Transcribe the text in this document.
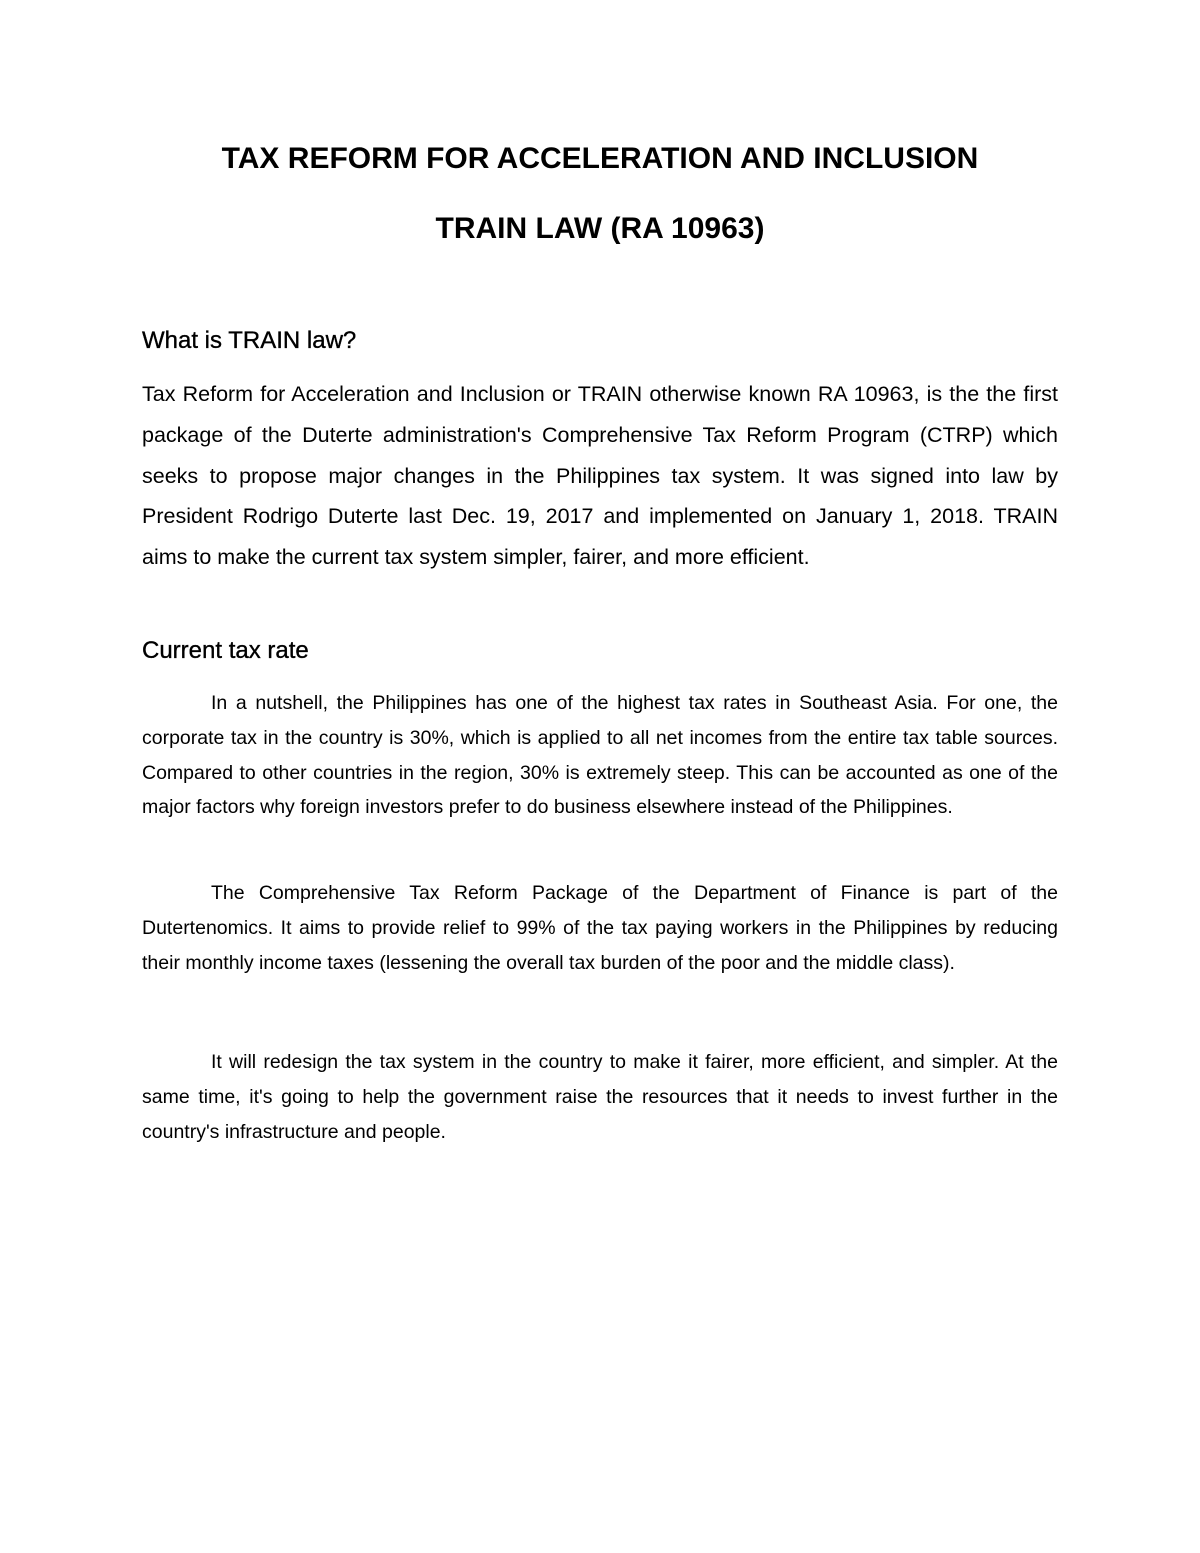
TAX REFORM FOR ACCELERATION AND INCLUSION
TRAIN LAW (RA 10963)
What is TRAIN law?

Tax Reform for Acceleration and Inclusion or TRAIN otherwise known RA 10963, is the the first package of the Duterte administration's Comprehensive Tax Reform Program (CTRP) which seeks to propose major changes in the Philippines tax system. It was signed into law by President Rodrigo Duterte last Dec. 19, 2017 and implemented on January 1, 2018. TRAIN aims to make the current tax system simpler, fairer, and more efficient.

Current tax rate

In a nutshell, the Philippines has one of the highest tax rates in Southeast Asia. For one, the corporate tax in the country is 30%, which is applied to all net incomes from the entire tax table sources. Compared to other countries in the region, 30% is extremely steep. This can be accounted as one of the major factors why foreign investors prefer to do business elsewhere instead of the Philippines.

The Comprehensive Tax Reform Package of the Department of Finance is part of the Dutertenomics. It aims to provide relief to 99% of the tax paying workers in the Philippines by reducing their monthly income taxes (lessening the overall tax burden of the poor and the middle class).

It will redesign the tax system in the country to make it fairer, more efficient, and simpler. At the same time, it's going to help the government raise the resources that it needs to invest further in the country's infrastructure and people.
